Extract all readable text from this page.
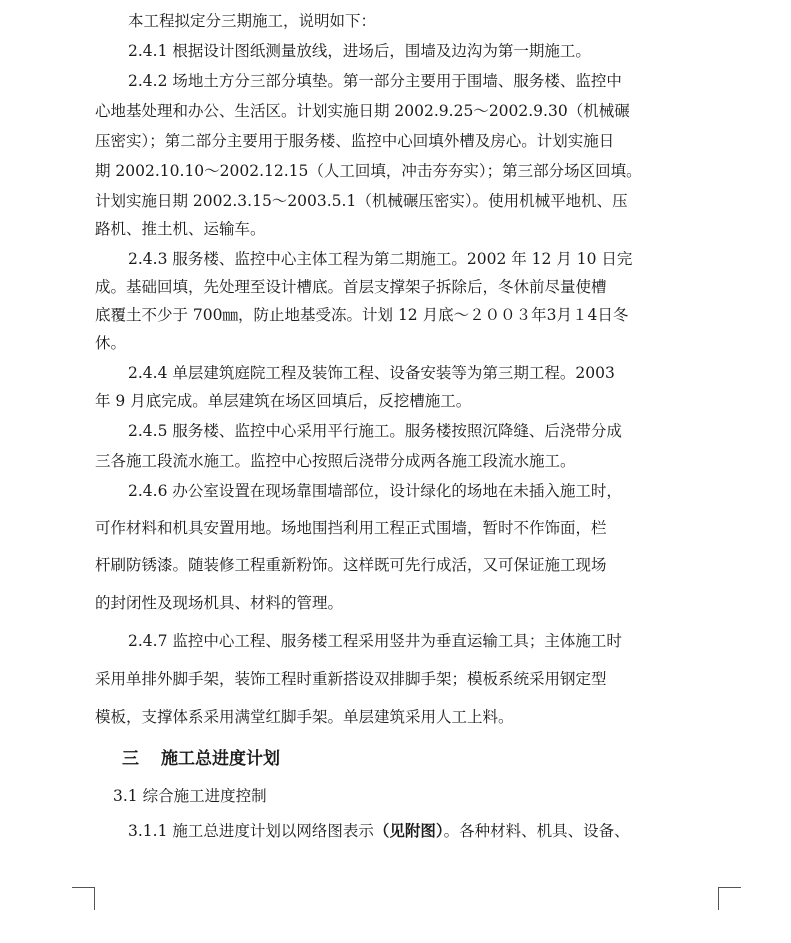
本工程拟定分三期施工，说明如下：
2.4.1 根据设计图纸测量放线，进场后，围墙及边沟为第一期施工。
2.4.2 场地土方分三部分填垫。第一部分主要用于围墙、服务楼、监控中
心地基处理和办公、生活区。计划实施日期 2002.9.25～2002.9.30（机械碾
压密实）；第二部分主要用于服务楼、监控中心回填外槽及房心。计划实施日
期 2002.10.10～2002.12.15（人工回填，冲击夯夯实）；第三部分场区回填。
计划实施日期 2002.3.15～2003.5.1（机械碾压密实）。使用机械平地机、压
路机、推土机、运输车。
2.4.3 服务楼、监控中心主体工程为第二期施工。2002 年 12 月 10 日完
成。基础回填，先处理至设计槽底。首层支撑架子拆除后，冬休前尽量使槽
底覆土不少于 700㎜，防止地基受冻。计划 12 月底～２００３年3月１4日冬
休。
2.4.4 单层建筑庭院工程及装饰工程、设备安装等为第三期工程。2003
年 9 月底完成。单层建筑在场区回填后，反挖槽施工。
2.4.5 服务楼、监控中心采用平行施工。服务楼按照沉降缝、后浇带分成
三各施工段流水施工。监控中心按照后浇带分成两各施工段流水施工。
2.4.6 办公室设置在现场靠围墙部位，设计绿化的场地在未插入施工时，
可作材料和机具安置用地。场地围挡利用工程正式围墙，暂时不作饰面，栏
杆刷防锈漆。随装修工程重新粉饰。这样既可先行成活，又可保证施工现场
的封闭性及现场机具、材料的管理。
2.4.7 监控中心工程、服务楼工程采用竖井为垂直运输工具；主体施工时
采用单排外脚手架，装饰工程时重新搭设双排脚手架；模板系统采用钢定型
模板，支撑体系采用满堂红脚手架。单层建筑采用人工上料。
三 施工总进度计划
3.1 综合施工进度控制
3.1.1 施工总进度计划以网络图表示（见附图）。各种材料、机具、设备、
